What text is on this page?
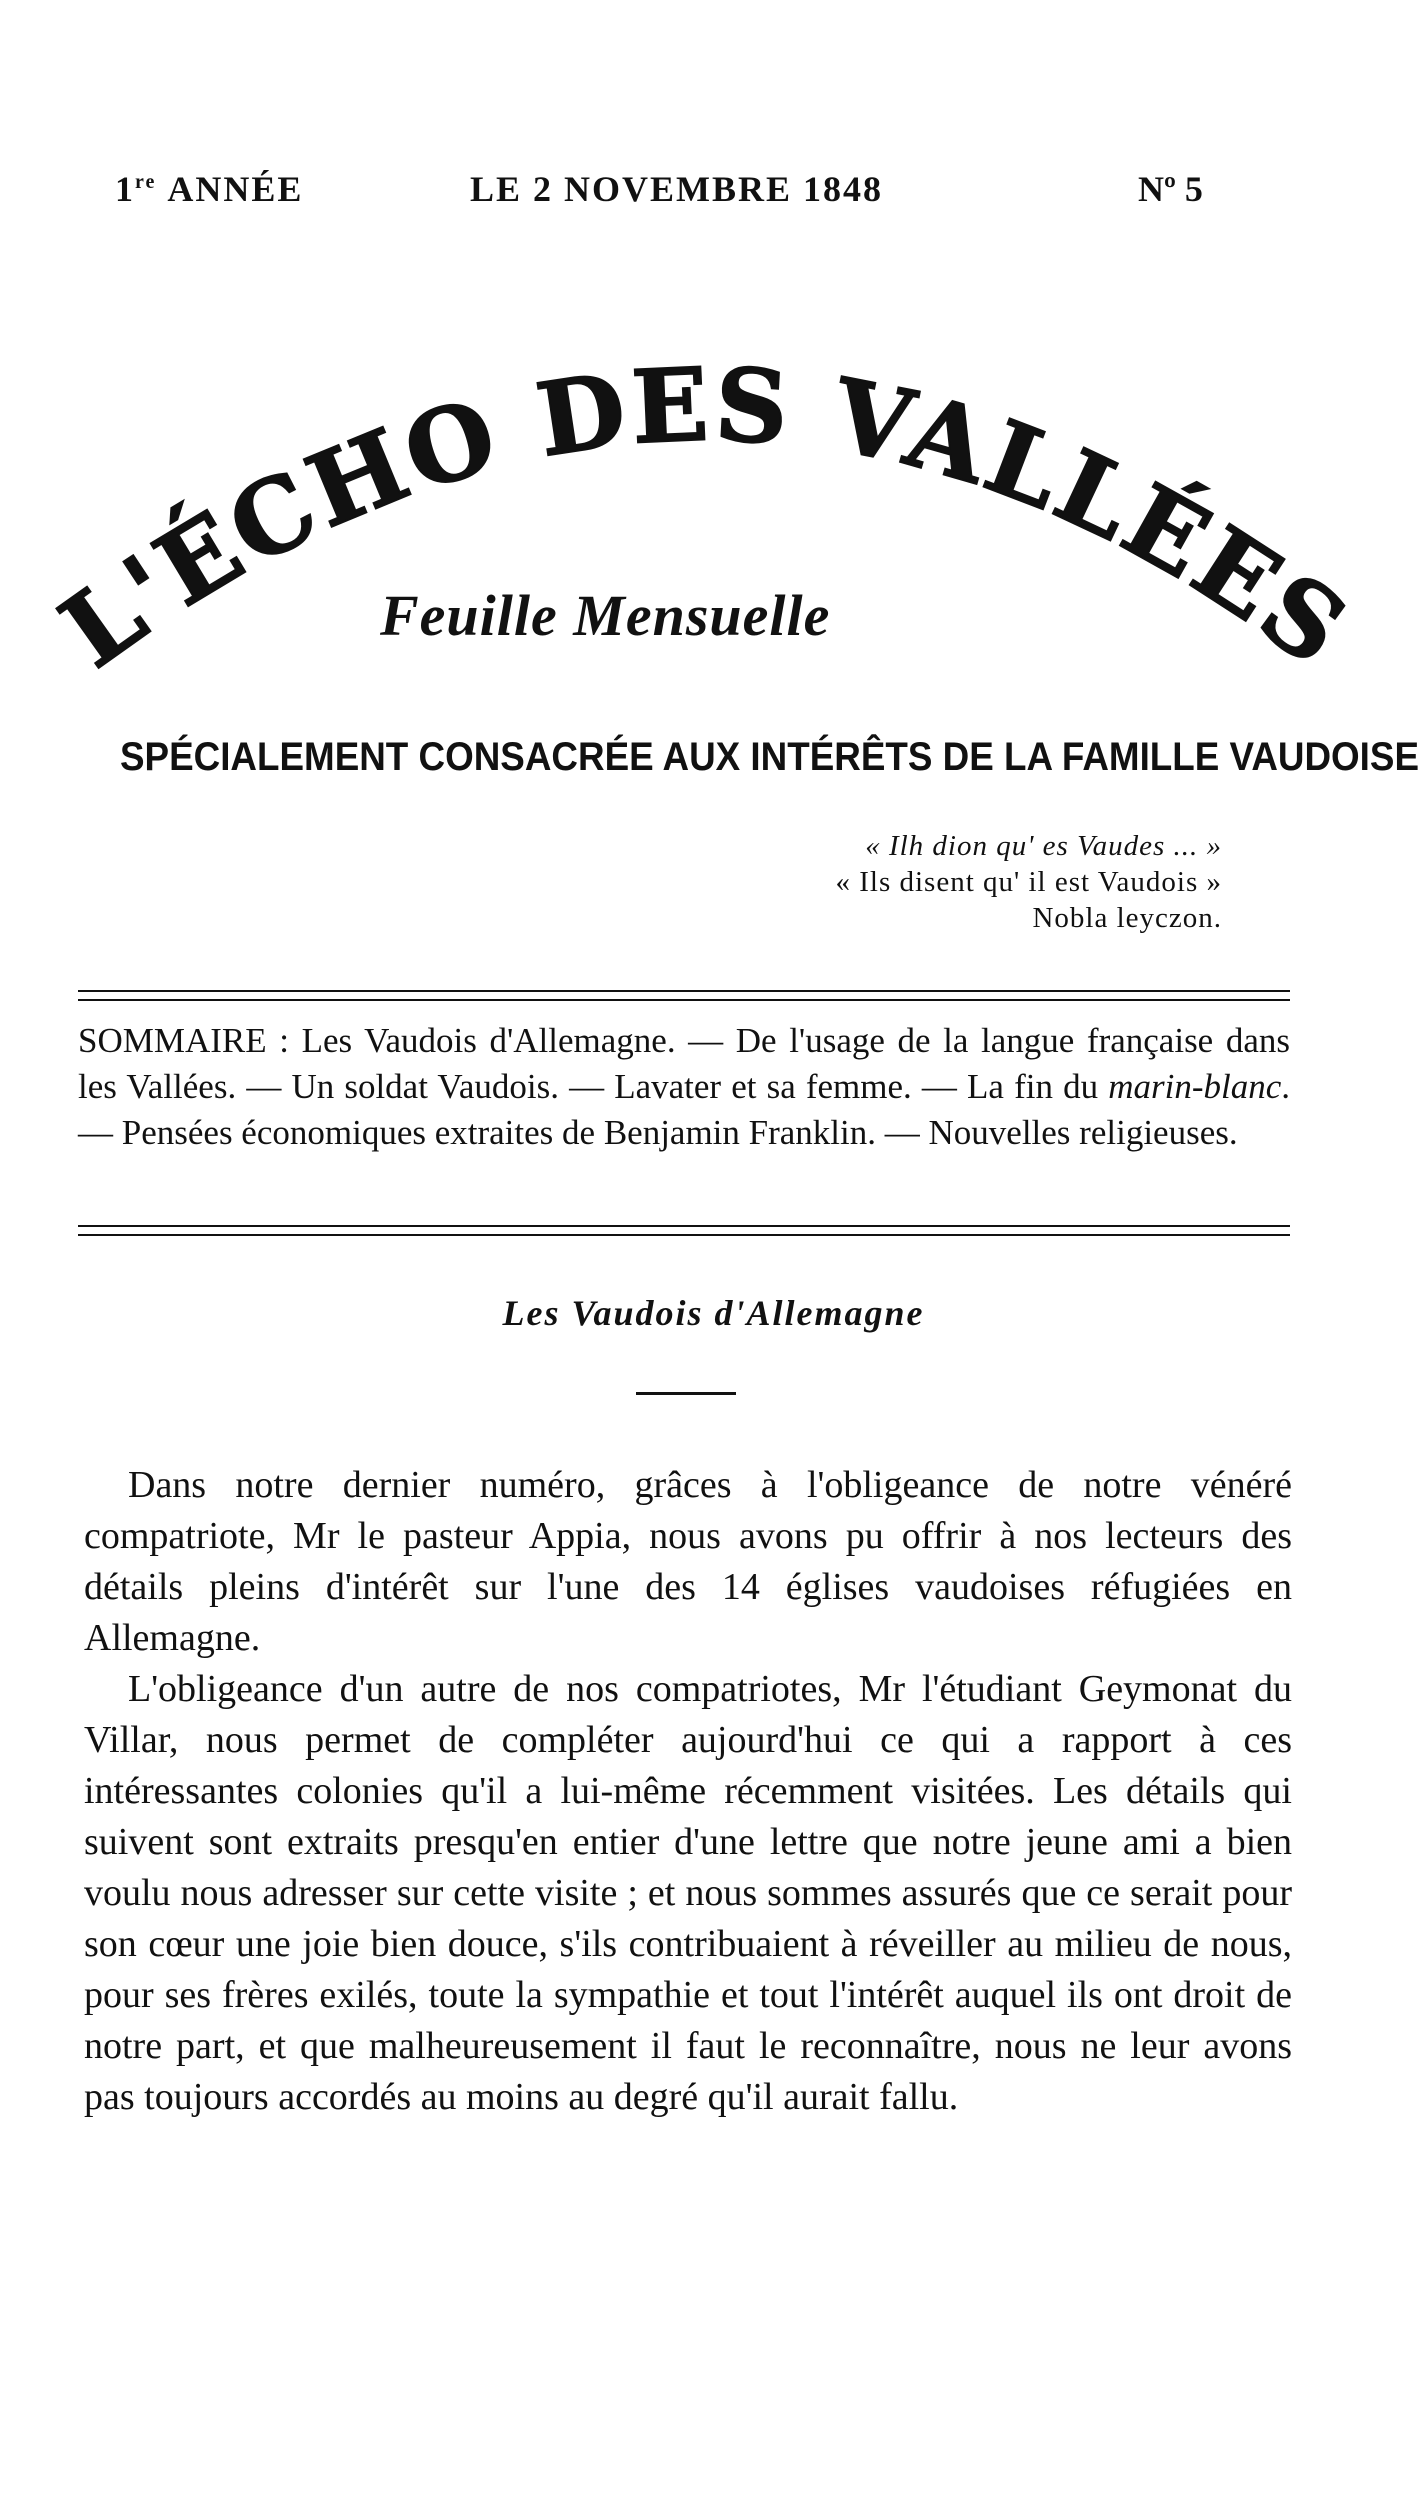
1re ANNÉE	LE 2 NOVEMBRE 1848	Nº 5
L'ÉCHO DES VALLÉES
Feuille Mensuelle
SPÉCIALEMENT CONSACRÉE AUX INTÉRÊTS DE LA FAMILLE VAUDOISE
« Ilh dion qu' es Vaudes ... »
« Ils disent qu' il est Vaudois »
Nobla leyczon.
SOMMAIRE : Les Vaudois d'Allemagne. — De l'usage de la langue française dans les Vallées. — Un soldat Vaudois. — Lavater et sa femme. — La fin du marin-blanc. — Pensées économiques extraites de Benjamin Franklin. — Nouvelles religieuses.
Les Vaudois d'Allemagne

Dans notre dernier numéro, grâces à l'obligeance de notre vénéré compatriote, Mr le pasteur Appia, nous avons pu offrir à nos lecteurs des détails pleins d'intérêt sur l'une des 14 églises vaudoises réfugiées en Allemagne.

L'obligeance d'un autre de nos compatriotes, Mr l'étudiant Geymonat du Villar, nous permet de compléter aujourd'hui ce qui a rapport à ces intéressantes colonies qu'il a lui-même récemment visitées. Les détails qui suivent sont extraits presqu'en entier d'une lettre que notre jeune ami a bien voulu nous adresser sur cette visite ; et nous sommes assurés que ce serait pour son cœur une joie bien douce, s'ils contribuaient à réveiller au milieu de nous, pour ses frères exilés, toute la sympathie et tout l'intérêt auquel ils ont droit de notre part, et que malheureusement il faut le reconnaître, nous ne leur avons pas toujours accordés au moins au degré qu'il aurait fallu.
